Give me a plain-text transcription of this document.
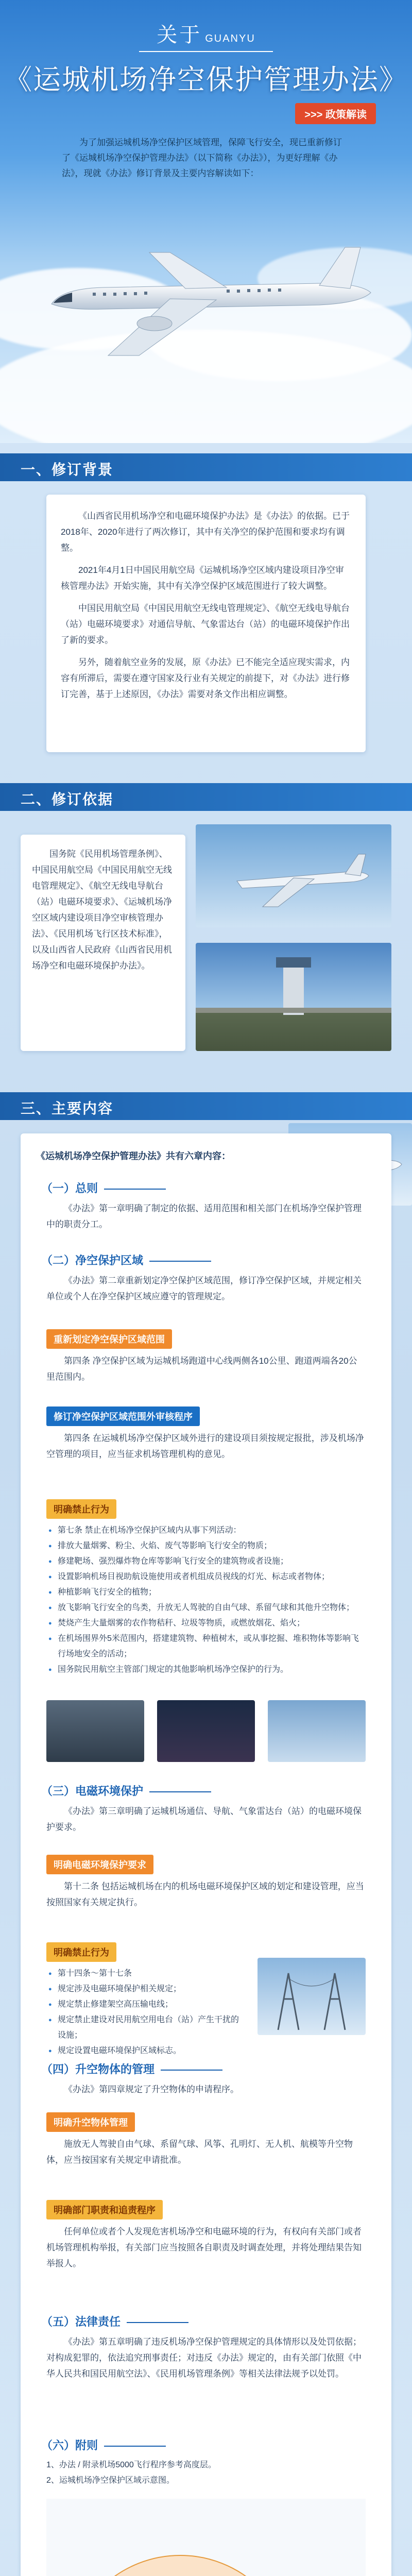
关于 GUANYU
《运城机场净空保护管理办法》
>>> 政策解读
为了加强运城机场净空保护区域管理，保障飞行安全，现已重新修订了《运城机场净空保护管理办法》（以下简称《办法》），为更好理解《办法》，现就《办法》修订背景及主要内容解读如下：
一、修订背景

《山西省民用机场净空和电磁环境保护办法》是《办法》的依据。已于2018年、2020年进行了两次修订，其中有关净空的保护范围和要求均有调整。

2021年4月1日中国民用航空局《运城机场净空区域内建设项目净空审核管理办法》开始实施，其中有关净空保护区域范围进行了较大调整。

中国民用航空局《中国民用航空无线电管理规定》、《航空无线电导航台（站）电磁环境要求》对通信导航、气象雷达台（站）的电磁环境保护作出了新的要求。

另外，随着航空业务的发展，原《办法》已不能完全适应现实需求，内容有所滞后，需要在遵守国家及行业有关规定的前提下，对《办法》进行修订完善，基于上述原因，《办法》需要对条文作出相应调整。

二、修订依据

国务院《民用机场管理条例》、中国民用航空局《中国民用航空无线电管理规定》、《航空无线电导航台（站）电磁环境要求》、《运城机场净空区域内建设项目净空审核管理办法》、《民用机场飞行区技术标准》，以及山西省人民政府《山西省民用机场净空和电磁环境保护办法》。

三、主要内容
《运城机场净空保护管理办法》共有六章内容：
（一）总则

《办法》第一章明确了制定的依据、适用范围和相关部门在机场净空保护管理中的职责分工。

（二）净空保护区域

《办法》第二章重新划定净空保护区域范围，修订净空保护区域，并规定相关单位或个人在净空保护区域应遵守的管理规定。

重新划定净空保护区域范围

第四条 净空保护区域为运城机场跑道中心线两侧各10公里、跑道两端各20公里范围内。

修订净空保护区域范围外审核程序

第四条 在运城机场净空保护区域外进行的建设项目须按规定报批，涉及机场净空管理的项目，应当征求机场管理机构的意见。

明确禁止行为
● 第七条 禁止在机场净空保护区域内从事下列活动：
● 排放大量烟雾、粉尘、火焰、废气等影响飞行安全的物质；
● 修建靶场、强烈爆炸物仓库等影响飞行安全的建筑物或者设施；
● 设置影响机场目视助航设施使用或者机组成员视线的灯光、标志或者物体；
● 种植影响飞行安全的植物；
● 放飞影响飞行安全的鸟类，升放无人驾驶的自由气球、系留气球和其他升空物体；
● 焚烧产生大量烟雾的农作物秸秆、垃圾等物质，或燃放烟花、焰火；
● 在机场围界外5米范围内，搭建建筑物、种植树木，或从事挖掘、堆积物体等影响飞行场地安全的活动；
● 国务院民用航空主管部门规定的其他影响机场净空保护的行为。
（三）电磁环境保护

《办法》第三章明确了运城机场通信、导航、气象雷达台（站）的电磁环境保护要求。

明确电磁环境保护要求

第十二条 包括运城机场在内的机场电磁环境保护区域的划定和建设管理，应当按照国家有关规定执行。

明确禁止行为
● 第十四条～第十七条
● 规定涉及电磁环境保护相关规定；
● 规定禁止修建架空高压输电线；
● 规定禁止建设对民用航空用电台（站）产生干扰的设施；
● 规定设置电磁环境保护区域标志。
（四）升空物体的管理

《办法》第四章规定了升空物体的申请程序。

明确升空物体管理

施放无人驾驶自由气球、系留气球、风筝、孔明灯、无人机、航模等升空物体，应当按国家有关规定申请批准。

明确部门职责和追责程序

任何单位或者个人发现危害机场净空和电磁环境的行为，有权向有关部门或者机场管理机构举报，有关部门应当按照各自职责及时调查处理，并将处理结果告知举报人。

（五）法律责任

《办法》第五章明确了违反机场净空保护管理规定的具体情形以及处罚依据；对构成犯罪的，依法追究刑事责任；对违反《办法》规定的，由有关部门依照《中华人民共和国民用航空法》、《民用机场管理条例》等相关法律法规予以处罚。

（六）附则
1、办法 / 附录机场5000飞行程序参考高度层。
2、运城机场净空保护区域示意图。
